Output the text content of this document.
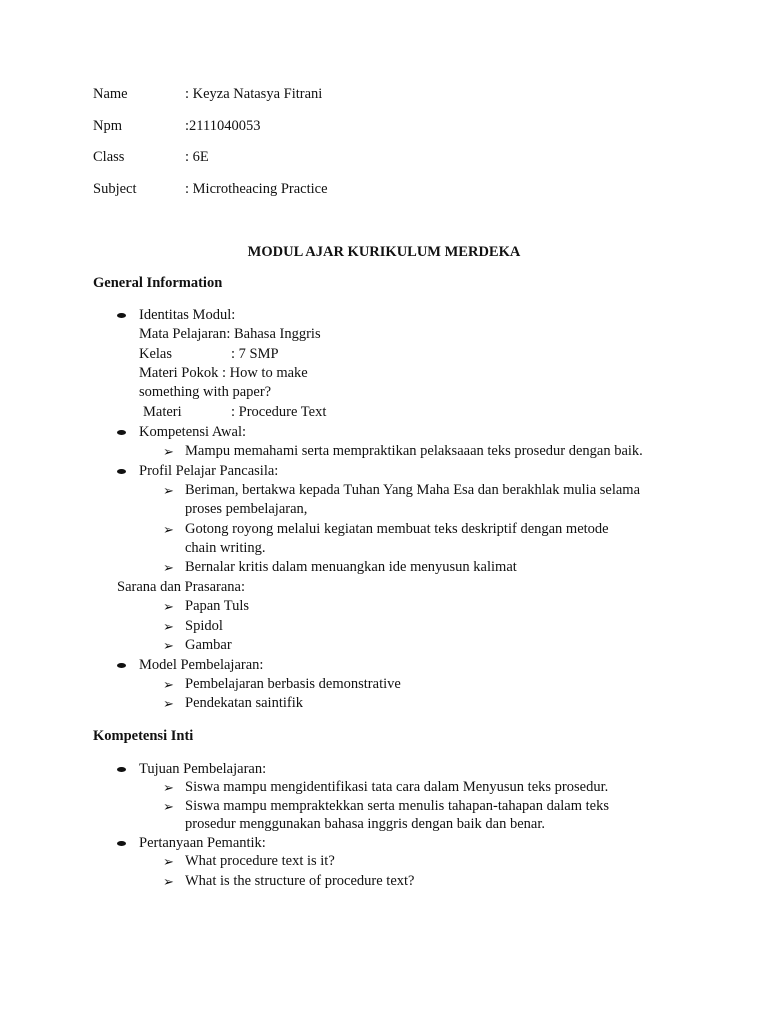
Name	: Keyza Natasya Fitrani
Npm	:2111040053
Class	: 6E
Subject	: Microtheacing Practice
MODUL AJAR KURIKULUM MERDEKA
General Information
Identitas Modul:
Mata Pelajaran: Bahasa Inggris
Kelas	: 7 SMP
Materi Pokok : How to make
something with paper?
Materi	: Procedure Text
Kompetensi Awal:
➢ Mampu memahami serta mempraktikan pelaksaaan teks prosedur dengan baik.
Profil Pelajar Pancasila:
➢ Beriman, bertakwa kepada Tuhan Yang Maha Esa dan berakhlak mulia selama
proses pembelajaran,
➢ Gotong royong melalui kegiatan membuat teks deskriptif dengan metode
chain writing.
➢ Bernalar kritis dalam menuangkan ide menyusun kalimat
Sarana dan Prasarana:
➢ Papan Tuls
➢ Spidol
➢ Gambar
Model Pembelajaran:
➢ Pembelajaran berbasis demonstrative
➢ Pendekatan saintifik
Kompetensi Inti
Tujuan Pembelajaran:
➢ Siswa mampu mengidentifikasi tata cara dalam Menyusun teks prosedur.
➢ Siswa mampu mempraktekkan serta menulis tahapan-tahapan dalam teks
prosedur menggunakan bahasa inggris dengan baik dan benar.
Pertanyaan Pemantik:
➢ What procedure text is it?
➢ What is the structure of procedure text?
